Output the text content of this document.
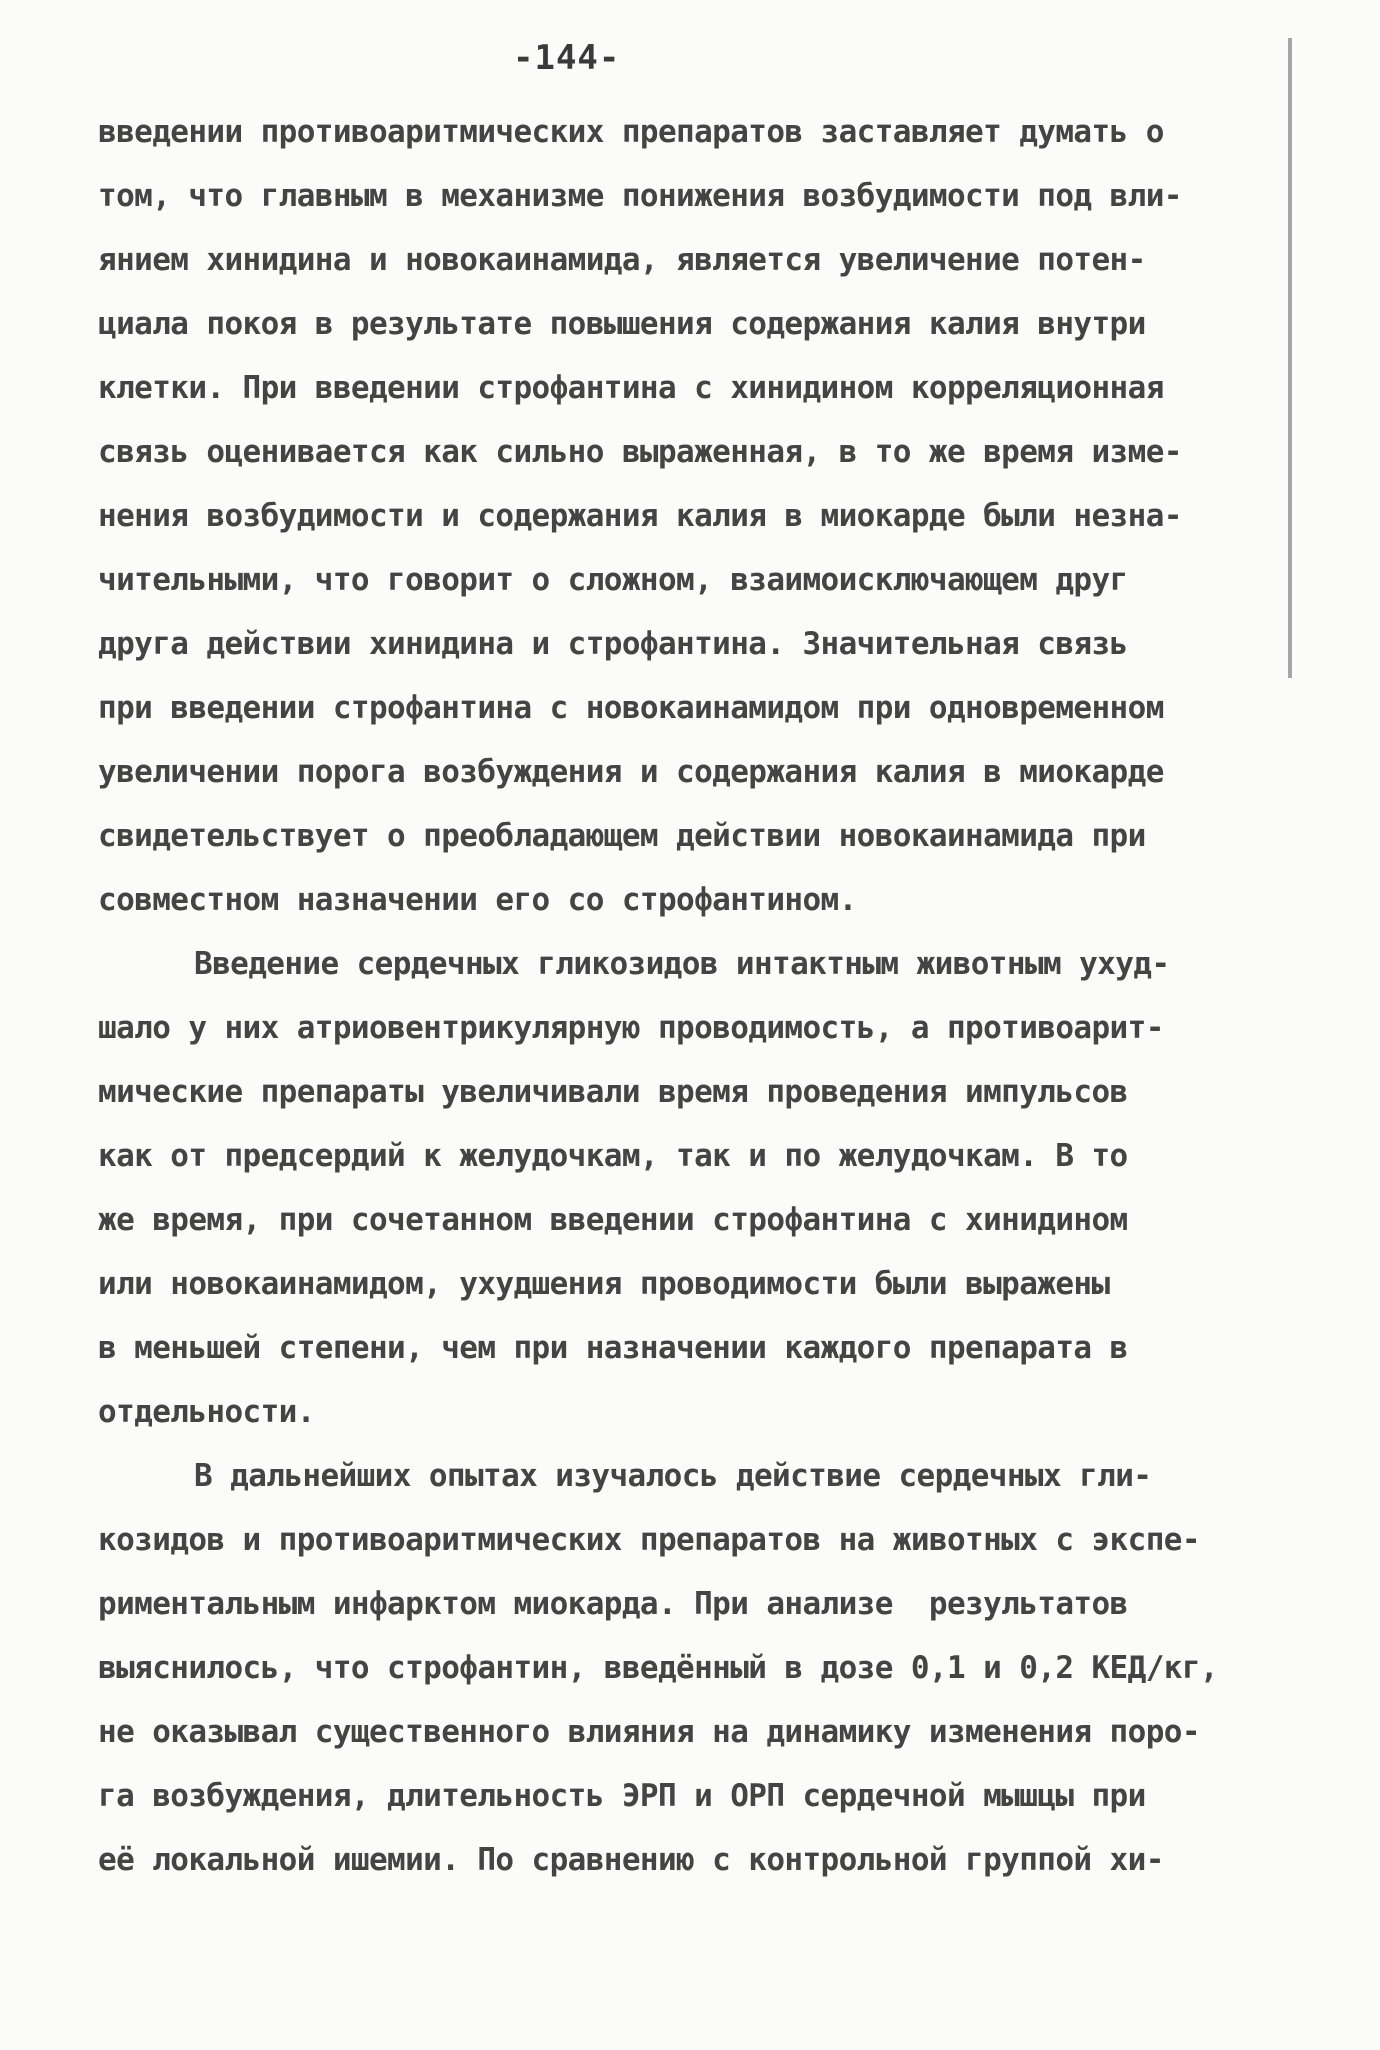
-144-
введении противоаритмических препаратов заставляет думать о
том, что главным в механизме понижения возбудимости под вли-
янием хинидина и новокаинамида, является увеличение потен-
циала покоя в результате повышения содержания калия внутри
клетки. При введении строфантина с хинидином корреляционная
связь оценивается как сильно выраженная, в то же время изме-
нения возбудимости и содержания калия в миокарде были незна-
чительными, что говорит о сложном, взаимоисключающем друг
друга действии хинидина и строфантина. Значительная связь
при введении строфантина с новокаинамидом при одновременном
увеличении порога возбуждения и содержания калия в миокарде
свидетельствует о преобладающем действии новокаинамида при
совместном назначении его со строфантином.
Введение сердечных гликозидов интактным животным ухуд-
шало у них атриовентрикулярную проводимость, а противоарит-
мические препараты увеличивали время проведения импульсов
как от предсердий к желудочкам, так и по желудочкам. В то
же время, при сочетанном введении строфантина с хинидином
или новокаинамидом, ухудшения проводимости были выражены
в меньшей степени, чем при назначении каждого препарата в
отдельности.
В дальнейших опытах изучалось действие сердечных гли-
козидов и противоаритмических препаратов на животных с экспе-
риментальным инфарктом миокарда. При анализе  результатов
выяснилось, что строфантин, введённый в дозе 0,1 и 0,2 КЕД/кг,
не оказывал существенного влияния на динамику изменения поро-
га возбуждения, длительность ЭРП и ОРП сердечной мышцы при
её локальной ишемии. По сравнению с контрольной группой хи-
